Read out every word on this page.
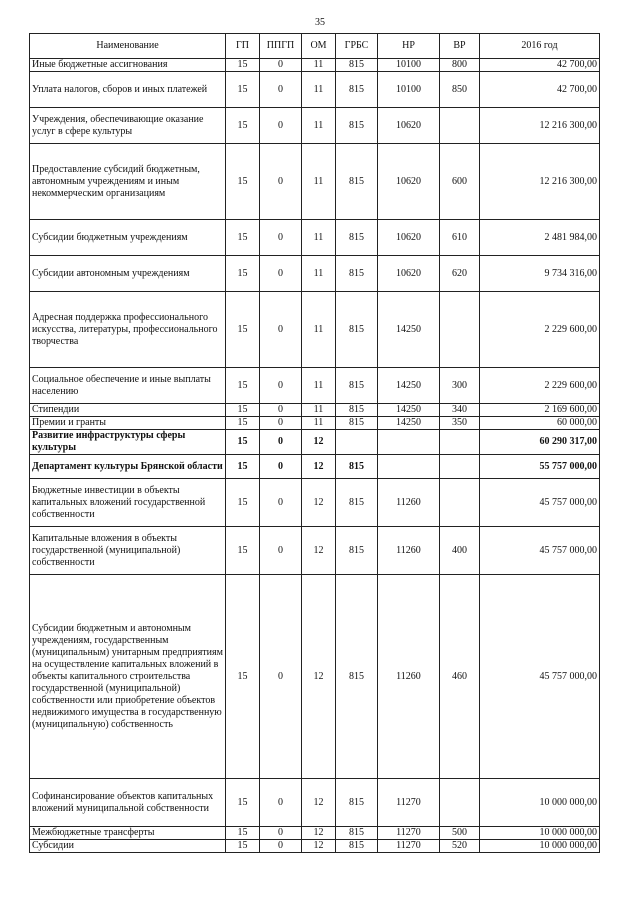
35
Наименование	ГП	ППГП	ОМ	ГРБС	НР	ВР	2016 год
Иные бюджетные ассигнования	15	0	11	815	10100	800	42 700,00
Уплата налогов, сборов и иных платежей	15	0	11	815	10100	850	42 700,00
Учреждения, обеспечивающие оказание услуг в сфере культуры	15	0	11	815	10620		12 216 300,00
Предоставление субсидий бюджетным, автономным учреждениям и иным некоммерческим организациям	15	0	11	815	10620	600	12 216 300,00
Субсидии бюджетным учреждениям	15	0	11	815	10620	610	2 481 984,00
Субсидии автономным учреждениям	15	0	11	815	10620	620	9 734 316,00
Адресная поддержка профессионального искусства, литературы, профессионального творчества	15	0	11	815	14250		2 229 600,00
Социальное обеспечение и иные выплаты населению	15	0	11	815	14250	300	2 229 600,00
Стипендии	15	0	11	815	14250	340	2 169 600,00
Премии и гранты	15	0	11	815	14250	350	60 000,00
Развитие инфраструктуры сферы культуры	15	0	12				60 290 317,00
Департамент культуры Брянской области	15	0	12	815			55 757 000,00
Бюджетные инвестиции в объекты капитальных вложений государственной собственности	15	0	12	815	11260		45 757 000,00
Капитальные вложения в объекты государственной (муниципальной) собственности	15	0	12	815	11260	400	45 757 000,00
Субсидии бюджетным и автономным учреждениям, государственным (муниципальным) унитарным предприятиям на осуществление капитальных вложений в объекты капитального строительства государственной (муниципальной) собственности или приобретение объектов недвижимого имущества в государственную (муниципальную) собственность	15	0	12	815	11260	460	45 757 000,00
Софинансирование объектов капитальных вложений муниципальной собственности	15	0	12	815	11270		10 000 000,00
Межбюджетные трансферты	15	0	12	815	11270	500	10 000 000,00
Субсидии	15	0	12	815	11270	520	10 000 000,00
